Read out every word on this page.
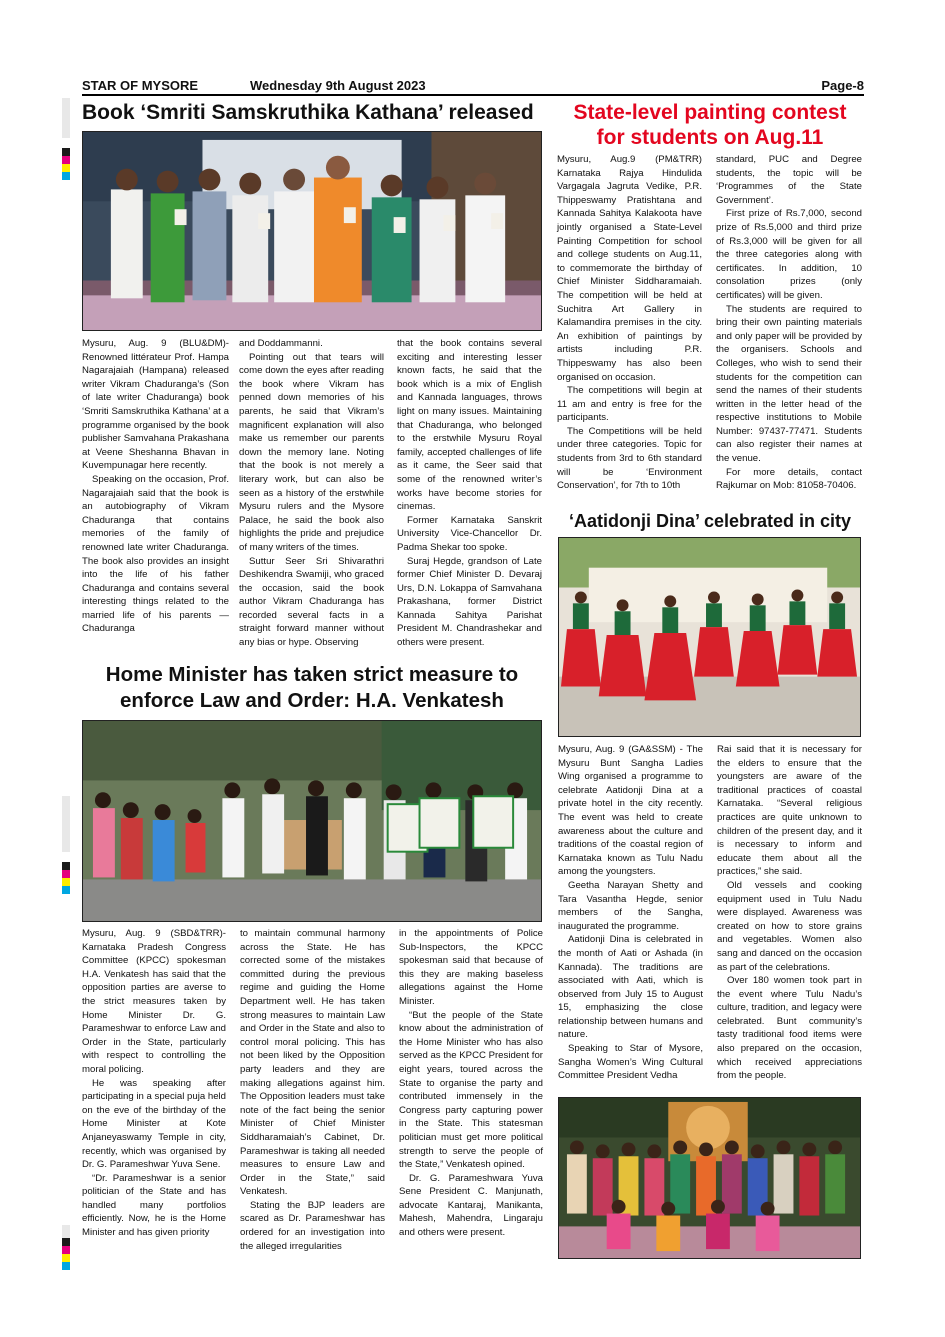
STAR OF MYSORE	Wednesday 9th August 2023	Page-8
Book ‘Smriti Samskruthika Kathana’ released

Mysuru, Aug. 9 (BLU&DM)- Renowned littérateur Prof. Hampa Nagarajaiah (Hampana) released writer Vikram Chaduranga’s (Son of late writer Chaduranga) book ‘Smriti Samskruthika Kathana’ at a programme organised by the book publisher Samvahana Prakashana at Veene Sheshanna Bhavan in Kuvempunagar here recently.

Speaking on the occasion, Prof. Nagarajaiah said that the book is an autobiography of Vikram Chaduranga that contains memories of the family of renowned late writer Chaduranga. The book also provides an insight into the life of his father Chaduranga and contains several interesting things related to the married life of his parents — Chaduranga

and Doddammanni.

Pointing out that tears will come down the eyes after reading the book where Vikram has penned down memories of his parents, he said that Vikram’s magnificent explanation will also make us remember our parents down the memory lane. Noting that the book is not merely a literary work, but can also be seen as a history of the erstwhile Mysuru rulers and the Mysore Palace, he said the book also highlights the pride and prejudice of many writers of the times.

Suttur Seer Sri Shivarathri Deshikendra Swamiji, who graced the occasion, said the book author Vikram Chaduranga has recorded several facts in a straight forward manner without any bias or hype. Observing

that the book contains several exciting and interesting lesser known facts, he said that the book which is a mix of English and Kannada languages, throws light on many issues. Maintaining that Chaduranga, who belonged to the erstwhile Mysuru Royal family, accepted challenges of life as it came, the Seer said that some of the renowned writer’s works have become stories for cinemas.

Former Karnataka Sanskrit University Vice-Chancellor Dr. Padma Shekar too spoke.

Suraj Hegde, grandson of Late former Chief Minister D. Devaraj Urs, D.N. Lokappa of Samvahana Prakashana, former District Kannada Sahitya Parishat President M. Chandrashekar and others were present.

State-level painting contest
for students on Aug.11

Mysuru, Aug.9 (PM&TRR) Karnataka Rajya Hindulida Vargagala Jagruta Vedike, P.R. Thippeswamy Pratishtana and Kannada Sahitya Kalakoota have jointly organised a State-Level Painting Competition for school and college students on Aug.11, to commemorate the birthday of Chief Minister Siddharamaiah. The competition will be held at Suchitra Art Gallery in Kalamandira premises in the city. An exhibition of paintings by artists including P.R. Thippeswamy has also been organised on occasion.

The competitions will begin at 11 am and entry is free for the participants.

The Competitions will be held under three categories. Topic for students from 3rd to 6th standard will be ‘Environment Conservation’, for 7th to 10th

standard, PUC and Degree students, the topic will be ‘Programmes of the State Government’.

First prize of Rs.7,000, second prize of Rs.5,000 and third prize of Rs.3,000 will be given for all the three categories along with certificates. In addition, 10 consolation prizes (only certificates) will be given.

The students are required to bring their own painting materials and only paper will be provided by the organisers. Schools and Colleges, who wish to send their students for the competition can send the names of their students written in the letter head of the respective institutions to Mobile Number: 97437-77471. Students can also register their names at the venue.

For more details, contact Rajkumar on Mob: 81058-70406.

‘Aatidonji Dina’ celebrated in city

Mysuru, Aug. 9 (GA&SSM) - The Mysuru Bunt Sangha Ladies Wing organised a programme to celebrate Aatidonji Dina at a private hotel in the city recently. The event was held to create awareness about the culture and traditions of the coastal region of Karnataka known as Tulu Nadu among the youngsters.

Geetha Narayan Shetty and Tara Vasantha Hegde, senior members of the Sangha, inaugurated the programme.

Aatidonji Dina is celebrated in the month of Aati or Ashada (in Kannada). The traditions are associated with Aati, which is observed from July 15 to August 15, emphasizing the close relationship between humans and nature.

Speaking to Star of Mysore, Sangha Women’s Wing Cultural Committee President Vedha

Rai said that it is necessary for the elders to ensure that the youngsters are aware of the traditional practices of coastal Karnataka. “Several religious practices are quite unknown to children of the present day, and it is necessary to inform and educate them about all the practices,” she said.

Old vessels and cooking equipment used in Tulu Nadu were displayed. Awareness was created on how to store grains and vegetables. Women also sang and danced on the occasion as part of the celebrations.

Over 180 women took part in the event where Tulu Nadu’s culture, tradition, and legacy were celebrated. Bunt community’s tasty traditional food items were also prepared on the occasion, which received appreciations from the people.

Home Minister has taken strict measure to
enforce Law and Order: H.A. Venkatesh

Mysuru, Aug. 9 (SBD&TRR)- Karnataka Pradesh Congress Committee (KPCC) spokesman H.A. Venkatesh has said that the opposition parties are averse to the strict measures taken by Home Minister Dr. G. Parameshwar to enforce Law and Order in the State, particularly with respect to controlling the moral policing.

He was speaking after participating in a special puja held on the eve of the birthday of the Home Minister at Kote Anjaneyaswamy Temple in city, recently, which was organised by Dr. G. Parameshwar Yuva Sene.

“Dr. Parameshwar is a senior politician of the State and has handled many portfolios efficiently. Now, he is the Home Minister and has given priority

to maintain communal harmony across the State. He has corrected some of the mistakes committed during the previous regime and guiding the Home Department well. He has taken strong measures to maintain Law and Order in the State and also to control moral policing. This has not been liked by the Opposition party leaders and they are making allegations against him. The Opposition leaders must take note of the fact being the senior Minister of Chief Minister Siddharamaiah’s Cabinet, Dr. Parameshwar is taking all needed measures to ensure Law and Order in the State,” said Venkatesh.

Stating the BJP leaders are scared as Dr. Parameshwar has ordered for an investigation into the alleged irregularities

in the appointments of Police Sub-Inspectors, the KPCC spokesman said that because of this they are making baseless allegations against the Home Minister.

“But the people of the State know about the administration of the Home Minister who has also served as the KPCC President for eight years, toured across the State to organise the party and contributed immensely in the Congress party capturing power in the State. This statesman politician must get more political strength to serve the people of the State,” Venkatesh opined.

Dr. G. Parameshwara Yuva Sene President C. Manjunath, advocate Kantaraj, Manikanta, Mahesh, Mahendra, Lingaraju and others were present.
